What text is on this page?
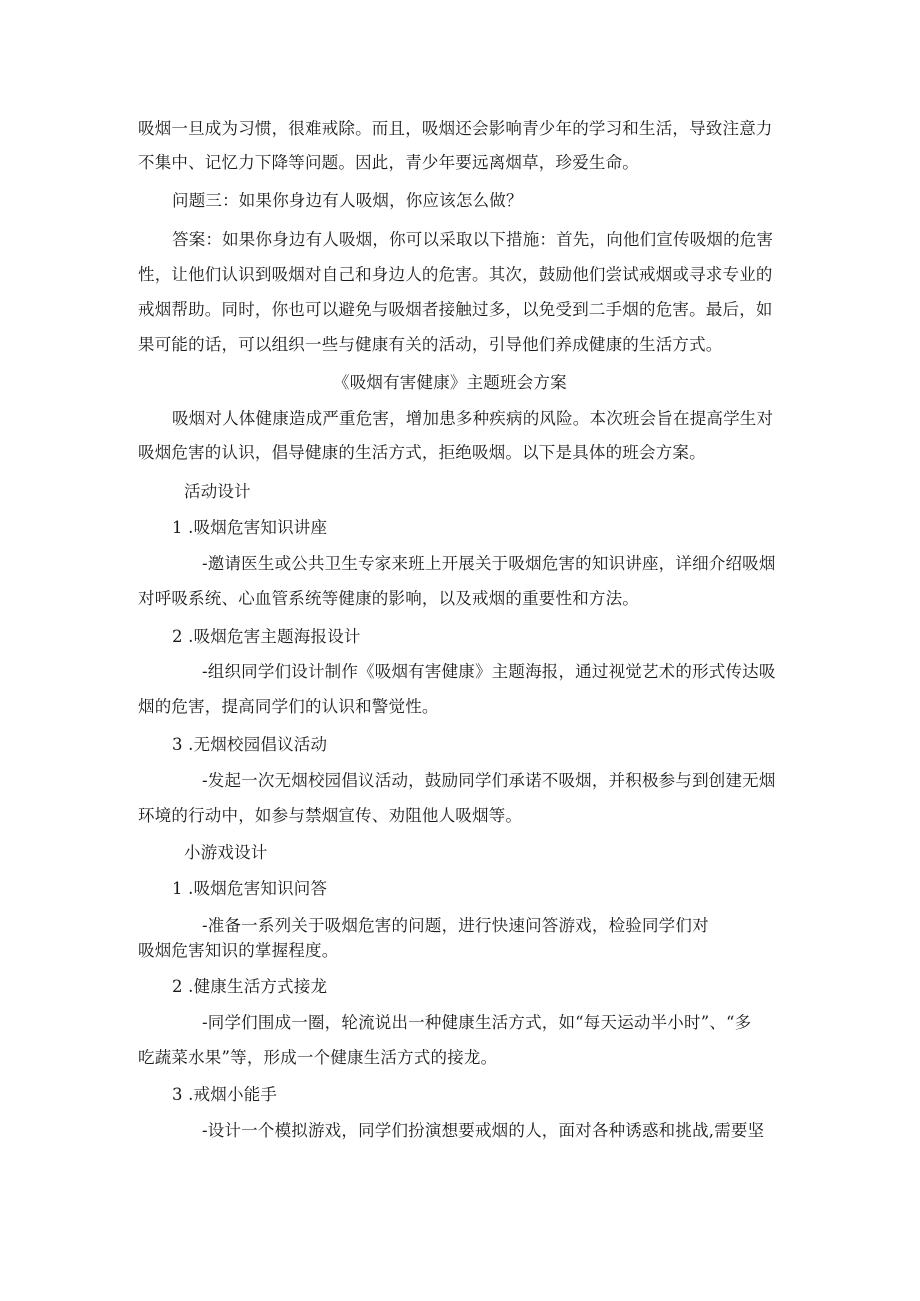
吸烟一旦成为习惯，很难戒除。而且，吸烟还会影响青少年的学习和生活，导致注意力
不集中、记忆力下降等问题。因此，青少年要远离烟草，珍爱生命。
问题三：如果你身边有人吸烟，你应该怎么做？
答案：如果你身边有人吸烟，你可以采取以下措施：首先，向他们宣传吸烟的危害
性，让他们认识到吸烟对自己和身边人的危害。其次，鼓励他们尝试戒烟或寻求专业的
戒烟帮助。同时，你也可以避免与吸烟者接触过多，以免受到二手烟的危害。最后，如
果可能的话，可以组织一些与健康有关的活动，引导他们养成健康的生活方式。
《吸烟有害健康》主题班会方案
吸烟对人体健康造成严重危害，增加患多种疾病的风险。本次班会旨在提高学生对
吸烟危害的认识，倡导健康的生活方式，拒绝吸烟。以下是具体的班会方案。
活动设计
1 .吸烟危害知识讲座
-邀请医生或公共卫生专家来班上开展关于吸烟危害的知识讲座，详细介绍吸烟
对呼吸系统、心血管系统等健康的影响，以及戒烟的重要性和方法。
2 .吸烟危害主题海报设计
-组织同学们设计制作《吸烟有害健康》主题海报，通过视觉艺术的形式传达吸
烟的危害，提高同学们的认识和警觉性。
3 .无烟校园倡议活动
-发起一次无烟校园倡议活动，鼓励同学们承诺不吸烟，并积极参与到创建无烟
环境的行动中，如参与禁烟宣传、劝阻他人吸烟等。
小游戏设计
1 .吸烟危害知识问答
-准备一系列关于吸烟危害的问题，进行快速问答游戏，检验同学们对
吸烟危害知识的掌握程度。
2 .健康生活方式接龙
-同学们围成一圈，轮流说出一种健康生活方式，如“每天运动半小时”、“多
吃蔬菜水果”等，形成一个健康生活方式的接龙。
3 .戒烟小能手
-设计一个模拟游戏，同学们扮演想要戒烟的人，面对各种诱惑和挑战,需要坚
